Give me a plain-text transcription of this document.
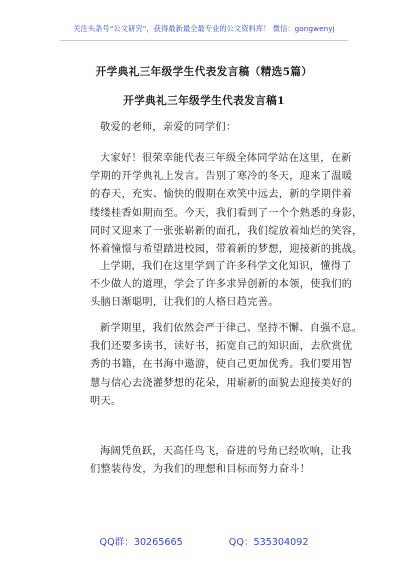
关注头条号“公文研究”，获得最新最全最专业的公文资料库！ 微信：gongwenyj
开学典礼三年级学生代表发言稿（精选5篇）
开学典礼三年级学生代表发言稿1
敬爱的老师，亲爱的同学们：
大家好！很荣幸能代表三年级全体同学站在这里，在新
学期的开学典礼上发言。告别了寒冷的冬天，迎来了温暖
的春天，充实、愉快的假期在欢笑中远去，新的学期伴着
缕缕桂香如期而至。今天，我们看到了一个个熟悉的身影，
同时又迎来了一张张崭新的面孔，我们绽放着灿烂的笑容，
怀着憧憬与希望踏进校园，带着新的梦想，迎接新的挑战。
上学期，我们在这里学到了许多科学文化知识，懂得了
不少做人的道理，学会了许多求异创新的本领，使我们的
头脑日渐聪明，让我们的人格日趋完善。
新学期里，我们依然会严于律己、坚持不懈、自强不息。
我们还要多读书，读好书，拓宽自己的知识面，去欣赏优
秀的书籍，在书海中遨游，使自己更加优秀。我们要用智
慧与信心去浇灌梦想的花朵，用崭新的面貌去迎接美好的
明天。
海阔凭鱼跃，天高任鸟飞，奋进的号角已经吹响，让我
们整装待发，为我们的理想和目标而努力奋斗！
QQ群：30265665	QQ：535304092
